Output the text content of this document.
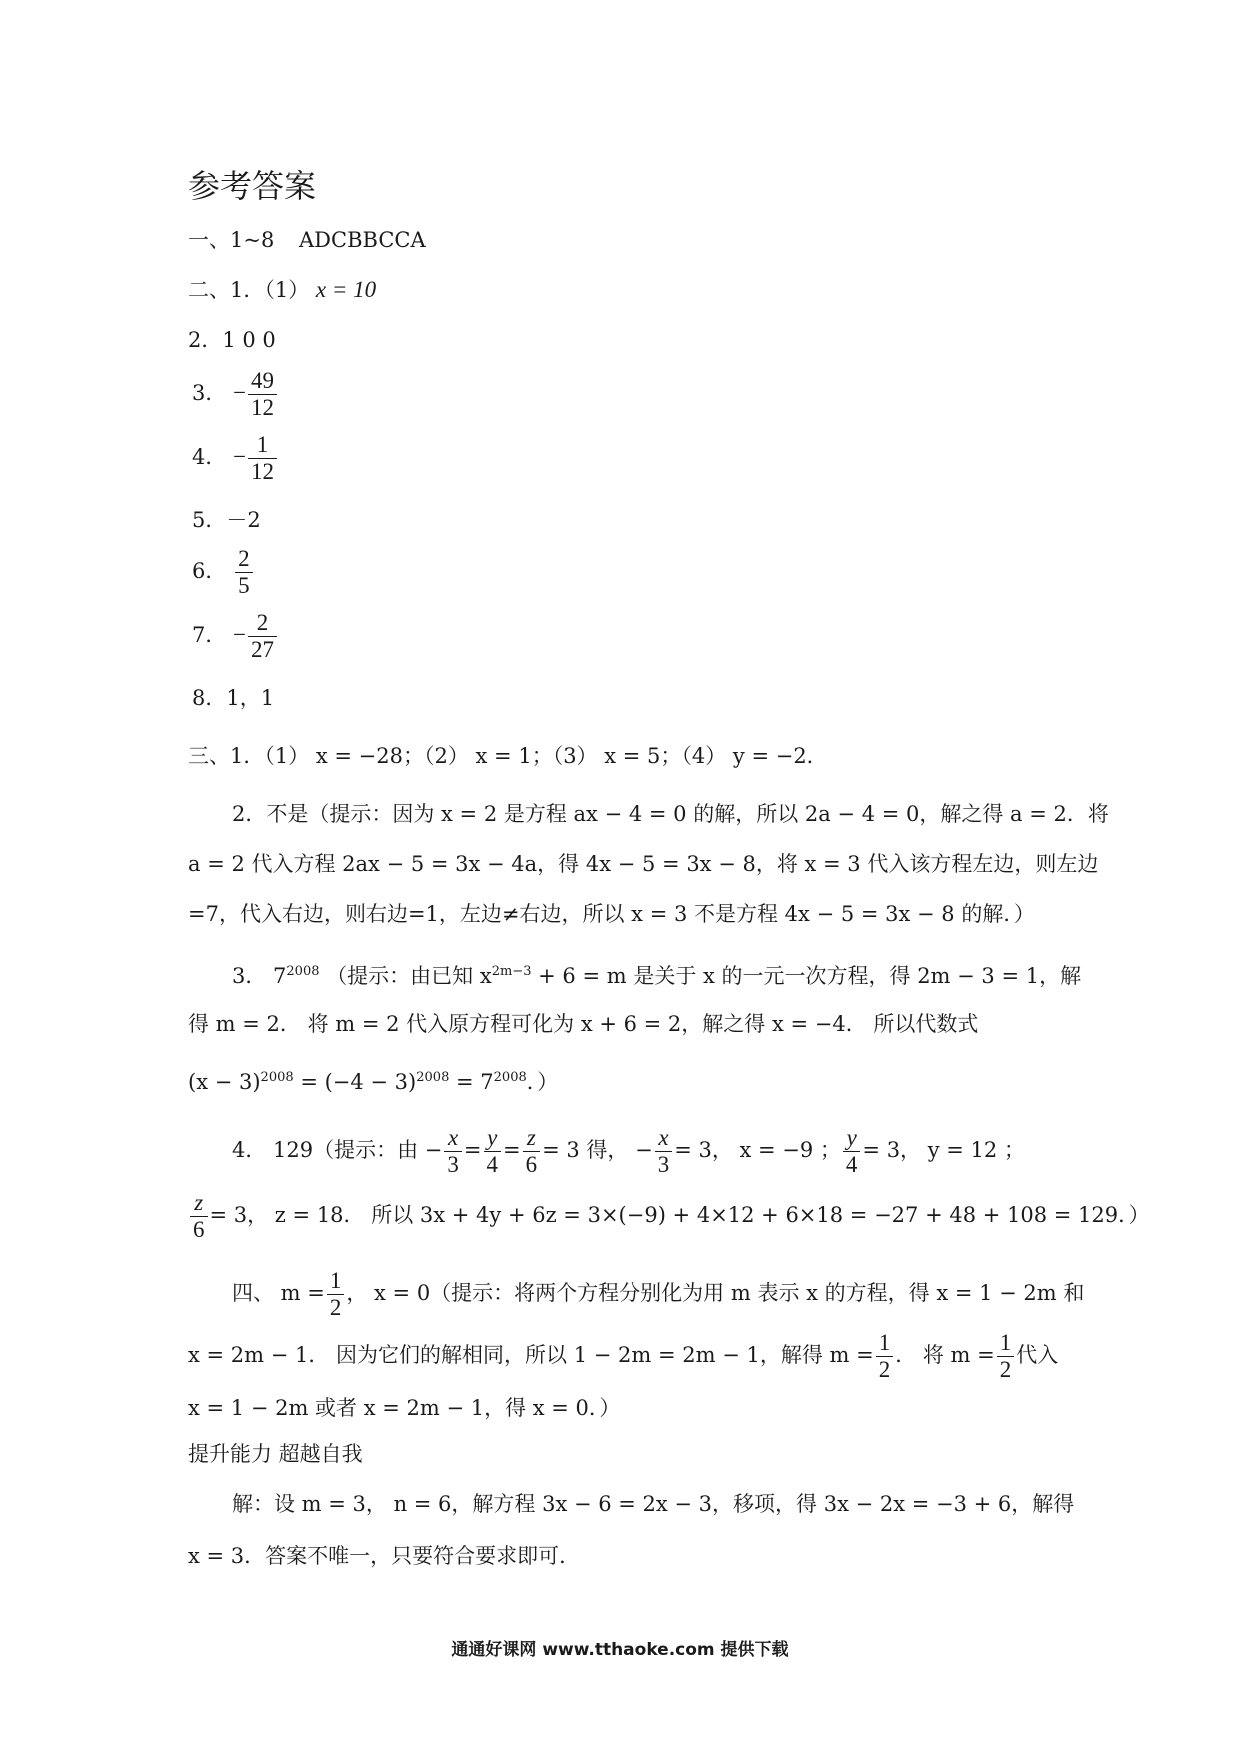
参考答案
一、1~8 ADCBBCCA
二、1．（1） x = 10
2．1 0 0
3． − $\frac{49}{12}$
4． − $\frac{1}{12}$
5．－2
6． $\frac{2}{5}$
7． − $\frac{2}{27}$
8．1，1
三、1．（1） x = −28；（2） x = 1；（3） x = 5；（4） y = −2．
2．不是（提示：因为 x = 2 是方程 ax − 4 = 0 的解，所以 2a − 4 = 0，解之得 a = 2．将
a = 2 代入方程 2ax − 5 = 3x − 4a，得 4x − 5 = 3x − 8，将 x = 3 代入该方程左边，则左边
=7，代入右边，则右边=1，左边≠右边，所以 x = 3 不是方程 4x − 5 = 3x − 8 的解．）
3． $7^{2008}$ （提示：由已知 $x^{2m-3} + 6 = m$ 是关于 x 的一元一次方程，得 2m − 3 = 1，解
得 m = 2． 将 m = 2 代入原方程可化为 x + 6 = 2，解之得 x = −4． 所以代数式
$(x - 3)^{2008} = (-4 - 3)^{2008} = 7^{2008}$．）
4． 129（提示：由 − $\frac{x}{3} = \frac{y}{4} = \frac{z}{6} = 3$ 得， − $\frac{x}{3} = 3$， x = −9 ； $\frac{y}{4} = 3$， y = 12 ；
$\frac{z}{6} = 3$， z = 18． 所以 3x + 4y + 6z = 3×(−9) + 4×12 + 6×18 = −27 + 48 + 108 = 129．）
四、 $m = \frac{1}{2}$ ， x = 0（提示：将两个方程分别化为用 m 表示 x 的方程，得 x = 1 − 2m 和
x = 2m − 1． 因为它们的解相同，所以 1 − 2m = 2m − 1，解得 $m = \frac{1}{2}$ ． 将 $m = \frac{1}{2}$ 代入
x = 1 − 2m 或者 x = 2m − 1，得 x = 0．）
提升能力 超越自我
解：设 m = 3， n = 6，解方程 3x − 6 = 2x − 3，移项，得 3x − 2x = −3 + 6，解得
x = 3．答案不唯一，只要符合要求即可．
通通好课网 www.tthaoke.com 提供下载
